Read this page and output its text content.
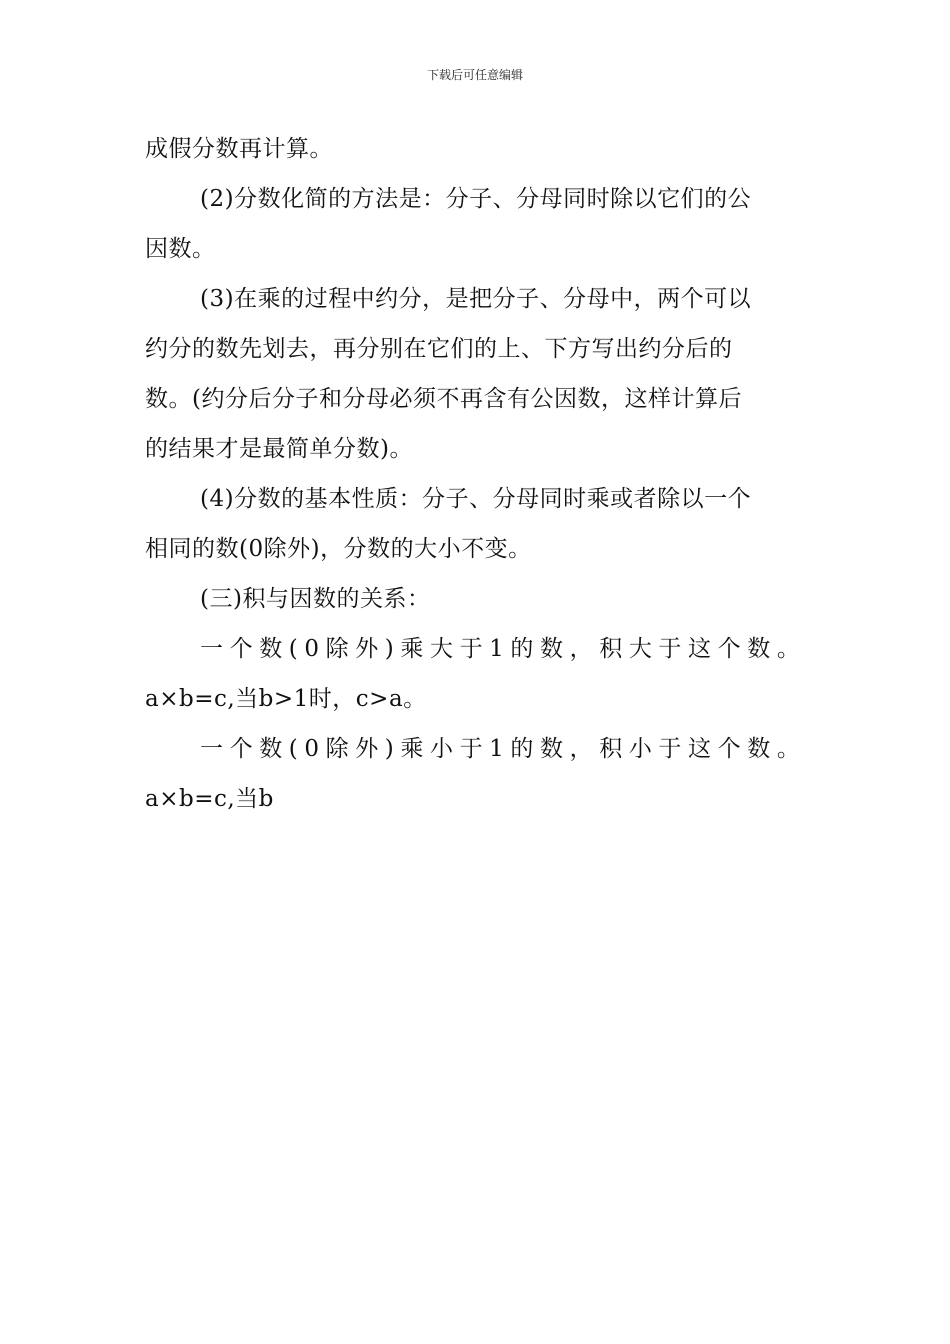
下载后可任意编辑
成假分数再计算。
(2)分数化简的方法是：分子、分母同时除以它们的公
因数。
(3)在乘的过程中约分，是把分子、分母中，两个可以
约分的数先划去，再分别在它们的上、下方写出约分后的
数。(约分后分子和分母必须不再含有公因数，这样计算后
的结果才是最简单分数)。
(4)分数的基本性质：分子、分母同时乘或者除以一个
相同的数(0除外)，分数的大小不变。
(三)积与因数的关系：
一个数(0除外)乘大于1的数，积大于这个数。
a×b=c,当b>1时，c>a。
一个数(0除外)乘小于1的数，积小于这个数。
a×b=c,当b
